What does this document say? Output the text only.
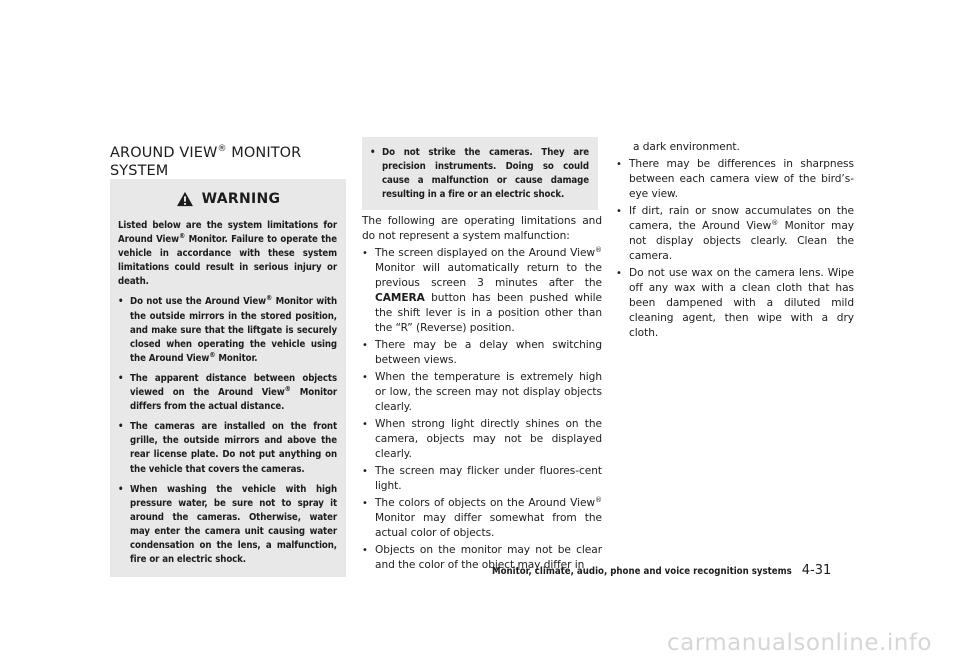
AROUND VIEW® MONITOR SYSTEM

WARNING

Listed below are the system limitations for Around View® Monitor. Failure to operate the vehicle in accordance with these system limitations could result in serious injury or death.

• Do not use the Around View® Monitor with the outside mirrors in the stored position, and make sure that the liftgate is securely closed when operating the vehicle using the Around View® Monitor.
• The apparent distance between objects viewed on the Around View® Monitor differs from the actual distance.
• The cameras are installed on the front grille, the outside mirrors and above the rear license plate. Do not put anything on the vehicle that covers the cameras.
• When washing the vehicle with high pressure water, be sure not to spray it around the cameras. Otherwise, water may enter the camera unit causing water condensation on the lens, a malfunction, fire or an electric shock.
• Do not strike the cameras. They are precision instruments. Doing so could cause a malfunction or cause damage resulting in a fire or an electric shock.

The following are operating limitations and do not represent a system malfunction:

• The screen displayed on the Around View® Monitor will automatically return to the previous screen 3 minutes after the CAMERA button has been pushed while the shift lever is in a position other than the “R” (Reverse) position.
• There may be a delay when switching between views.
• When the temperature is extremely high or low, the screen may not display objects clearly.
• When strong light directly shines on the camera, objects may not be displayed clearly.
• The screen may flicker under fluores-cent light.
• The colors of objects on the Around View® Monitor may differ somewhat from the actual color of objects.
• Objects on the monitor may not be clear and the color of the object may differ in
a dark environment.
• There may be differences in sharpness between each camera view of the bird’s-eye view.
• If dirt, rain or snow accumulates on the camera, the Around View® Monitor may not display objects clearly. Clean the camera.
• Do not use wax on the camera lens. Wipe off any wax with a clean cloth that has been dampened with a diluted mild cleaning agent, then wipe with a dry cloth.
Monitor, climate, audio, phone and voice recognition systems 4-31
carmanualsonline.info
